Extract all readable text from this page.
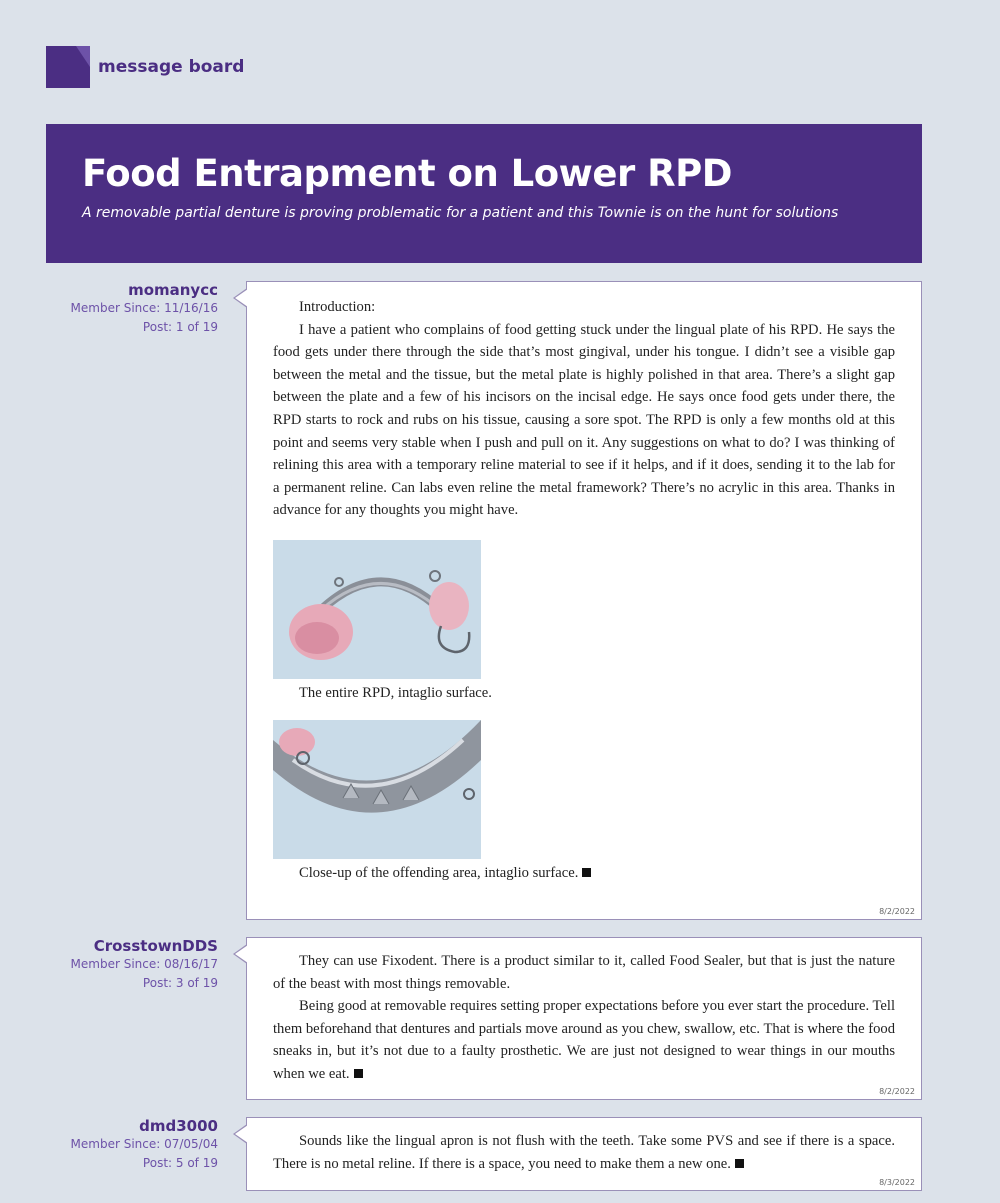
message board
Food Entrapment on Lower RPD

A removable partial denture is proving problematic for a patient and this Townie is on the hunt for solutions

momanycc
Member Since: 11/16/16
Post: 1 of 19
Introduction:
I have a patient who complains of food getting stuck under the lingual plate of his RPD. He says the food gets under there through the side that’s most gingival, under his tongue. I didn’t see a visible gap between the metal and the tissue, but the metal plate is highly polished in that area. There’s a slight gap between the plate and a few of his incisors on the incisal edge. He says once food gets under there, the RPD starts to rock and rubs on his tissue, causing a sore spot. The RPD is only a few months old at this point and seems very stable when I push and pull on it. Any suggestions on what to do? I was thinking of relining this area with a temporary reline material to see if it helps, and if it does, sending it to the lab for a permanent reline. Can labs even reline the metal framework? There’s no acrylic in this area. Thanks in advance for any thoughts you might have.
The entire RPD, intaglio surface.
Close-up of the offending area, intaglio surface.
8/2/2022
CrosstownDDS
Member Since: 08/16/17
Post: 3 of 19
They can use Fixodent. There is a product similar to it, called Food Sealer, but that is just the nature of the beast with most things removable.
Being good at removable requires setting proper expectations before you ever start the procedure. Tell them beforehand that dentures and partials move around as you chew, swallow, etc. That is where the food sneaks in, but it’s not due to a faulty prosthetic. We are just not designed to wear things in our mouths when we eat.
8/2/2022
dmd3000
Member Since: 07/05/04
Post: 5 of 19
Sounds like the lingual apron is not flush with the teeth. Take some PVS and see if there is a space. There is no metal reline. If there is a space, you need to make them a new one.
8/3/2022
